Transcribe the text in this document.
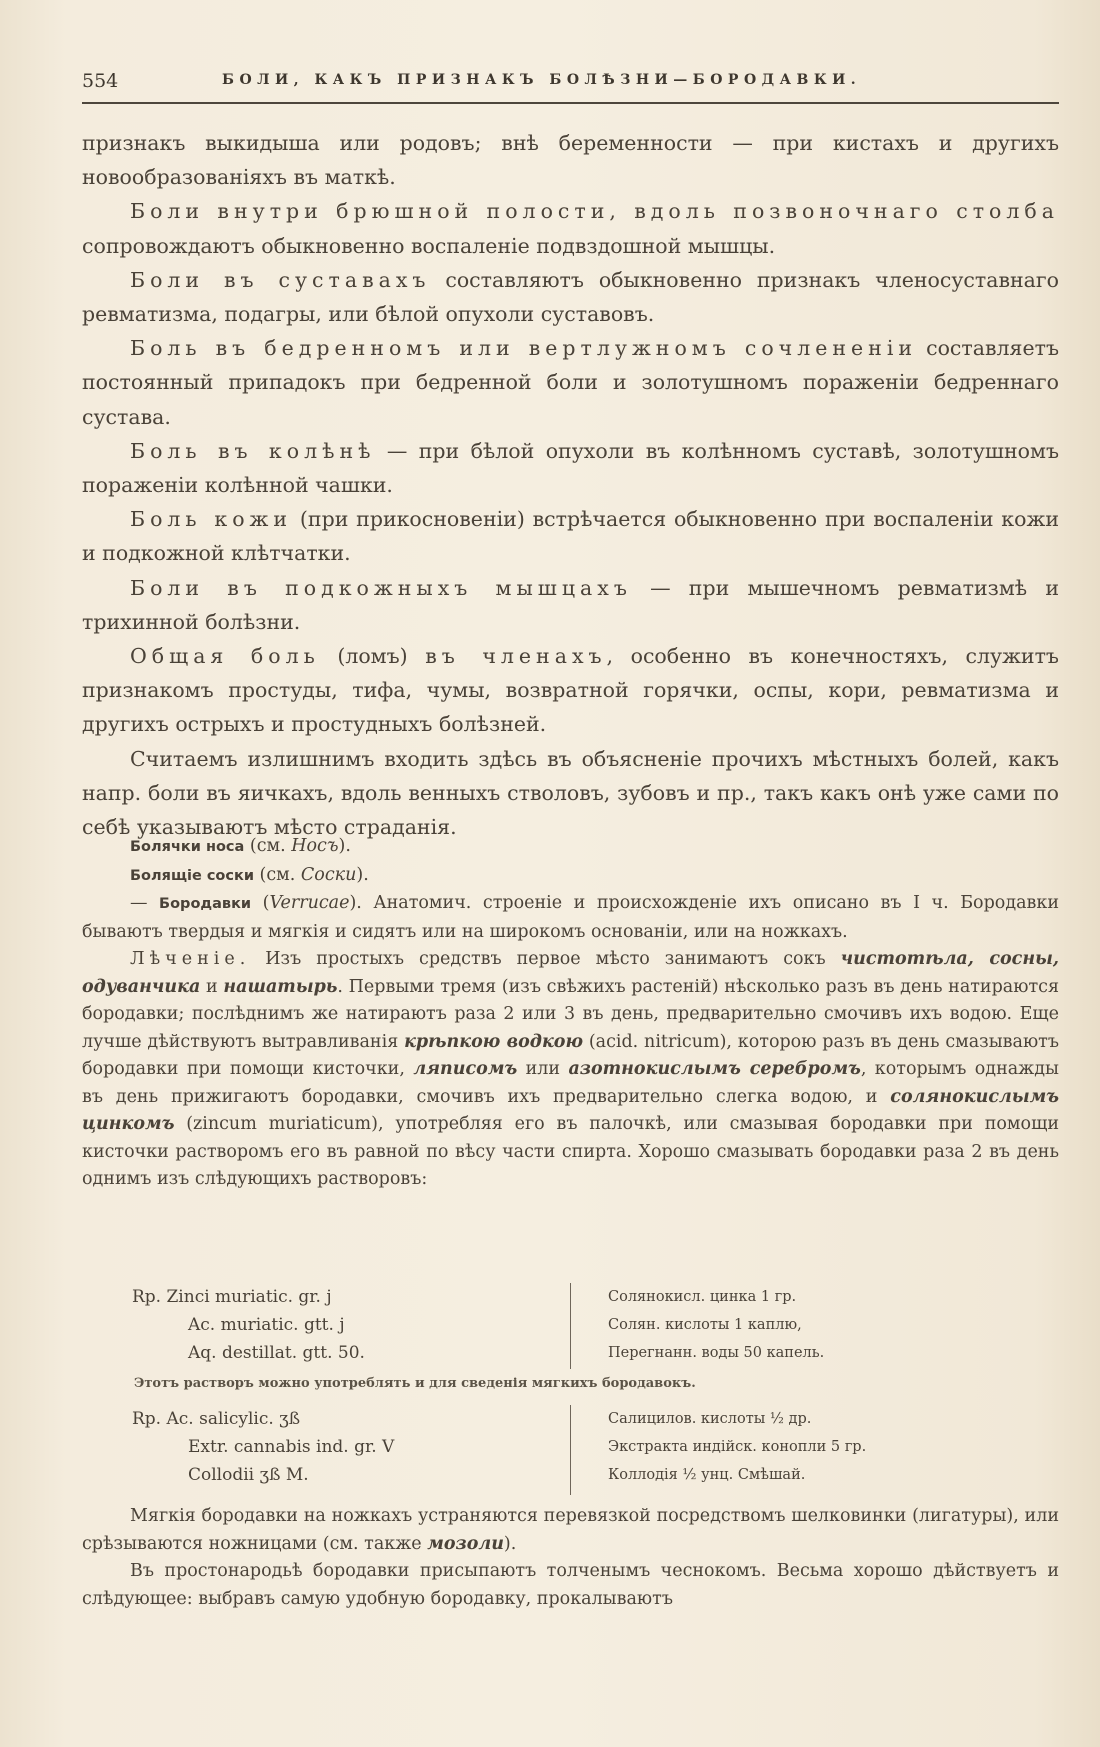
554	БОЛИ, КАКЪ ПРИЗНАКЪ БОЛѢЗНИ—БОРОДАВКИ.

признакъ выкидыша или родовъ; внѣ беременности — при кистахъ и другихъ новообразованіяхъ въ маткѣ.

Боли внутри брюшной полости, вдоль позвоночнаго столба сопровождаютъ обыкновенно воспаленіе подвздошной мышцы.

Боли въ суставахъ составляютъ обыкновенно признакъ членосуставнаго ревматизма, подагры, или бѣлой опухоли суставовъ.

Боль въ бедренномъ или вертлужномъ сочлененіи составляетъ постоянный припадокъ при бедренной боли и золотушномъ пораженіи бедреннаго сустава.

Боль въ колѣнѣ — при бѣлой опухоли въ колѣнномъ суставѣ, золотушномъ пораженіи колѣнной чашки.

Боль кожи (при прикосновеніи) встрѣчается обыкновенно при воспаленіи кожи и подкожной клѣтчатки.

Боли въ подкожныхъ мышцахъ — при мышечномъ ревматизмѣ и трихинной болѣзни.

Общая боль (ломъ) въ членахъ, особенно въ конечностяхъ, служитъ признакомъ простуды, тифа, чумы, возвратной горячки, оспы, кори, ревматизма и другихъ острыхъ и простудныхъ болѣзней.

Считаемъ излишнимъ входить здѣсь въ объясненіе прочихъ мѣстныхъ болей, какъ напр. боли въ яичкахъ, вдоль венныхъ стволовъ, зубовъ и пр., такъ какъ онѣ уже сами по себѣ указываютъ мѣсто страданія.

Болячки носа (см. Носъ).

Болящіе соски (см. Соски).

— Бородавки (Verrucae). Анатомич. строеніе и происхожденіе ихъ описано въ I ч. Бородавки бываютъ твердыя и мягкія и сидятъ или на широкомъ основаніи, или на ножкахъ.

Лѣченіе. Изъ простыхъ средствъ первое мѣсто занимаютъ сокъ чистотѣла, сосны, одуванчика и нашатырь. Первыми тремя (изъ свѣжихъ растеній) нѣсколько разъ въ день натираются бородавки; послѣднимъ же натираютъ раза 2 или 3 въ день, предварительно смочивъ ихъ водою. Еще лучше дѣйствуютъ вытравливанія крѣпкою водкою (acid. nitricum), которою разъ въ день смазываютъ бородавки при помощи кисточки, ляписомъ или азотнокислымъ серебромъ, которымъ однажды въ день прижигаютъ бородавки, смочивъ ихъ предварительно слегка водою, и солянокислымъ цинкомъ (zincum muriaticum), употребляя его въ палочкѣ, или смазывая бородавки при помощи кисточки растворомъ его въ равной по вѣсу части спирта. Хорошо смазывать бородавки раза 2 въ день однимъ изъ слѣдующихъ растворовъ:

Rp. Zinci muriatic. gr. j
Ac. muriatic. gtt. j
Aq. destillat. gtt. 50.
Солянокисл. цинка 1 гр.
Солян. кислоты 1 каплю,
Перегнанн. воды 50 капель.
Этотъ растворъ можно употреблять и для сведенія мягкихъ бородавокъ.
Rp. Ac. salicylic. ʒß
Extr. cannabis ind. gr. V
Collodii ʒß M.
Салицилов. кислоты ½ др.
Экстракта индійск. конопли 5 гр.
Коллодія ½ унц. Смѣшай.

Мягкія бородавки на ножкахъ устраняются перевязкой посредствомъ шелковинки (лигатуры), или срѣзываются ножницами (см. также мозоли).

Въ простонародьѣ бородавки присыпаютъ толченымъ чеснокомъ. Весьма хорошо дѣйствуетъ и слѣдующее: выбравъ самую удобную бородавку, прокалываютъ
